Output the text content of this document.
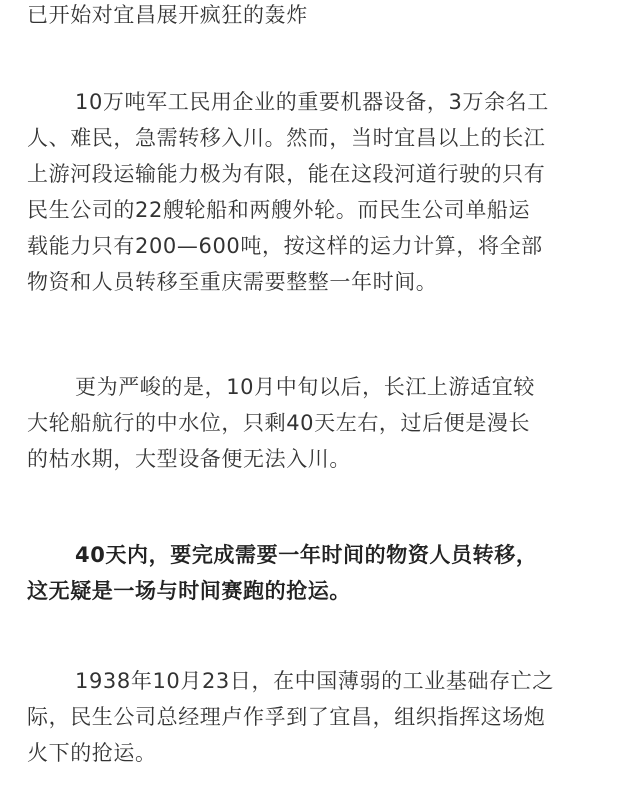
已开始对宜昌展开疯狂的轰炸

10万吨军工民用企业的重要机器设备，3万余名工
人、难民，急需转移入川。然而，当时宜昌以上的长江
上游河段运输能力极为有限，能在这段河道行驶的只有
民生公司的22艘轮船和两艘外轮。而民生公司单船运
载能力只有200—600吨，按这样的运力计算，将全部
物资和人员转移至重庆需要整整一年时间。

更为严峻的是，10月中旬以后，长江上游适宜较
大轮船航行的中水位，只剩40天左右，过后便是漫长
的枯水期，大型设备便无法入川。

40天内，要完成需要一年时间的物资人员转移，
这无疑是一场与时间赛跑的抢运。

1938年10月23日，在中国薄弱的工业基础存亡之
际，民生公司总经理卢作孚到了宜昌，组织指挥这场炮
火下的抢运。
